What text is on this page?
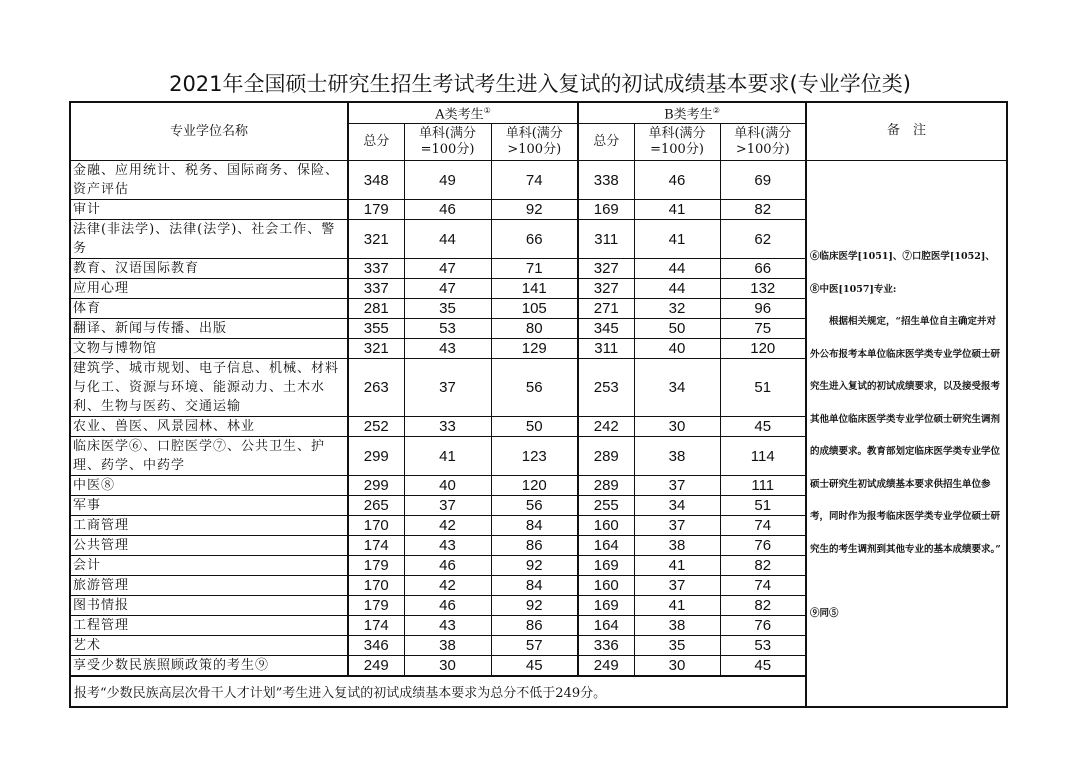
2021年全国硕士研究生招生考试考生进入复试的初试成绩基本要求(专业学位类)
专业学位名称	A类考生①			B类考生②			备　注
	总分	单科(满分=100分)	单科(满分>100分)	总分	单科(满分=100分)	单科(满分>100分)	
金融、应用统计、税务、国际商务、保险、资产评估	348	49	74	338	46	69	⑥临床医学[1051]、⑦口腔医学[1052]、⑧中医[1057]专业:

　　根据相关规定，“招生单位自主确定并对外公布报考本单位临床医学类专业学位硕士研究生进入复试的初试成绩要求，以及接受报考其他单位临床医学类专业学位硕士研究生调剂的成绩要求。教育部划定临床医学类专业学位硕士研究生初试成绩基本要求供招生单位参考，同时作为报考临床医学类专业学位硕士研究生的考生调剂到其他专业的基本成绩要求。”

⑨同⑤

审计	179	46	92	169	41	82	
法律(非法学)、法律(法学)、社会工作、警务	321	44	66	311	41	62	
教育、汉语国际教育	337	47	71	327	44	66	
应用心理	337	47	141	327	44	132	
体育	281	35	105	271	32	96	
翻译、新闻与传播、出版	355	53	80	345	50	75	
文物与博物馆	321	43	129	311	40	120	
建筑学、城市规划、电子信息、机械、材料与化工、资源与环境、能源动力、土木水利、生物与医药、交通运输	263	37	56	253	34	51	
农业、兽医、风景园林、林业	252	33	50	242	30	45	
临床医学⑥、口腔医学⑦、公共卫生、护理、药学、中药学	299	41	123	289	38	114	
中医⑧	299	40	120	289	37	111	
军事	265	37	56	255	34	51	
工商管理	170	42	84	160	37	74	
公共管理	174	43	86	164	38	76	
会计	179	46	92	169	41	82	
旅游管理	170	42	84	160	37	74	
图书情报	179	46	92	169	41	82	
工程管理	174	43	86	164	38	76	
艺术	346	38	57	336	35	53	
享受少数民族照顾政策的考生⑨	249	30	45	249	30	45	
报考“少数民族高层次骨干人才计划”考生进入复试的初试成绩基本要求为总分不低于249分。							
